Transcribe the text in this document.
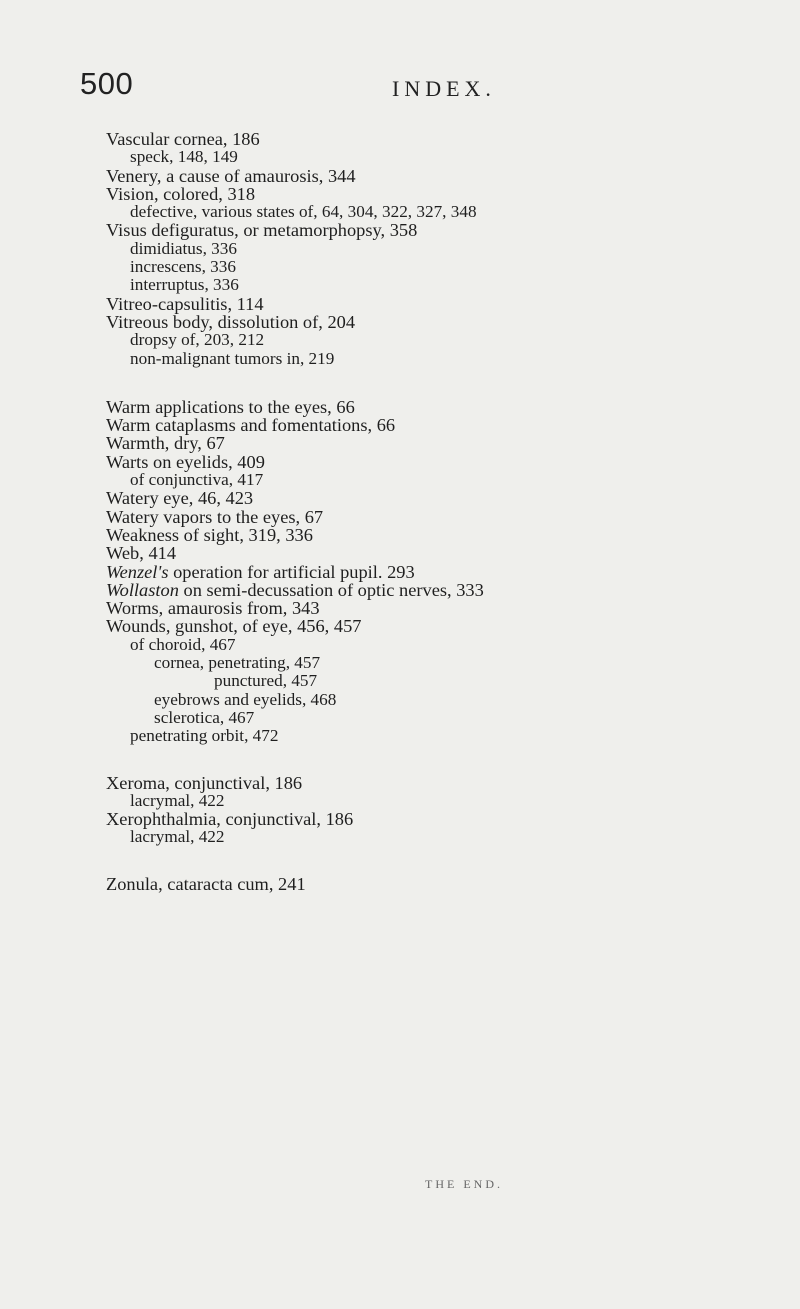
500	INDEX.
Vascular cornea, 186
speck, 148, 149
Venery, a cause of amaurosis, 344
Vision, colored, 318
defective, various states of, 64, 304, 322, 327, 348
Visus defiguratus, or metamorphopsy, 358
dimidiatus, 336
increscens, 336
interruptus, 336
Vitreo-capsulitis, 114
Vitreous body, dissolution of, 204
dropsy of, 203, 212
non-malignant tumors in, 219
Warm applications to the eyes, 66
Warm cataplasms and fomentations, 66
Warmth, dry, 67
Warts on eyelids, 409
of conjunctiva, 417
Watery eye, 46, 423
Watery vapors to the eyes, 67
Weakness of sight, 319, 336
Web, 414
Wenzel's operation for artificial pupil. 293
Wollaston on semi-decussation of optic nerves, 333
Worms, amaurosis from, 343
Wounds, gunshot, of eye, 456, 457
of choroid, 467
cornea, penetrating, 457
punctured, 457
eyebrows and eyelids, 468
sclerotica, 467
penetrating orbit, 472
Xeroma, conjunctival, 186
lacrymal, 422
Xerophthalmia, conjunctival, 186
lacrymal, 422
Zonula, cataracta cum, 241
THE END.
